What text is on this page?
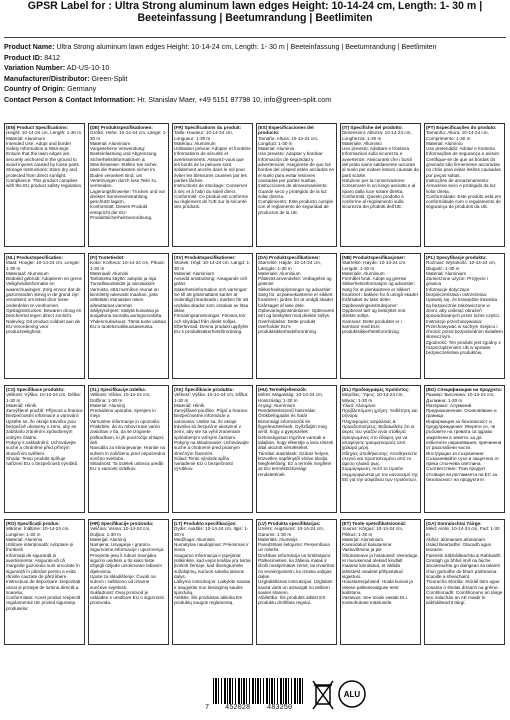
GPSR Label for : Ultra Strong aluminum lawn edges Height: 10-14-24 cm, Length: 1- 30 m | Beeteinfassung | Beetumrandung | Beetlimiten
Product Name: Ultra Strong aluminum lawn edges Height: 10-14-24 cm, Length: 1- 30 m | Beeteinfassung | Beetumrandung | Beetlimiten
Product ID: 8412
Variation Number: AD-US-10-10
Manufacturer/Distributor: Green-Split
Country of Origin: Germany
Contact Person & Contact Information: Hr. Stanislav Maer, +49 5151 87798 10, info@green-split.com
(EN) Product Specifications:
Height: 10-14-24 cm, Length: 1-30 m
Material: Aluminum
Intended Use: Adopt and border
Safety Information & Warnings: Ensure that the lawn edges are securely anchored in the ground to avoid injuries caused by loose parts.
Storage Instructions: Store dry and protected from direct sunlight.
Compliance: This product complies with the EU product safety regulation.
(DE) Produktspezifikationen:
Größe: Höhe: 10-14-24 cm, Länge: 1-30 m
Material: Aluminium
Vorgesehene Verwendung: Beeteinfassung und Abgrenzung
Sicherheitsinformationen & Warnhinweise: Stellen Sie sicher, dass die Rasenkanten sicher im Boden verankert sind, um Verletzungen durch lose Teile zu vermeiden.
Lagerungshinweise: Trocken und vor direkter Sonneneinstrahlung geschützt lagern.
Konformität: Dieses Produkt entspricht der EU-Produktsicherheitsverordnung.
(FR) Spécifications du produit:
Taille: Hauteur: 10-14-24 cm, Longueur: 1-30 m
Matériau: Aluminium
Utilisation prévue: Adopter et frontière
Informations de sécurité et avertissements: Assurez-vous que les bords de la pelouse sont solidement ancrés dans le sol pour éviter les blessures causées par les parties lâches.
Instructions de stockage: Conserver à sec et à l'abri du soleil direct.
Conformité: Ce produit est conforme au règlement de l'UE sur la sécurité des produits.
(ES) Especificaciones del producto:
Tamaño: Altura: 10-14-24 cm, Longitud: 1-30 m
Material: Aluminio
Uso previsto: Adoptar y bordear
Información de seguridad y advertencias: Asegúrese de que los bordes del césped estén anclados en el suelo para evitar lesiones causadas por partes sueltas.
Instrucciones de almacenamiento: Guarde seco y protegido de la luz solar directa.
Cumplimiento: Este producto cumple con el reglamento de seguridad de productos de la UE.
(IT) Specifiche del prodotto:
Dimensioni: Altezza: 10-14-24 cm, Lunghezza: 1-30 m
Materiale: Alluminio
Uso previsto: Adottare e frontiera
Informazioni sulla sicurezza e avvertenze: Assicurarsi che i bordi del prato siano saldamente ancorati al suolo per evitare lesioni causate da parti sciolte.
Istruzioni per la conservazione: Conservare in un luogo asciutto e al riparo dalla luce solare diretta.
Conformità: Questo prodotto è conforme al regolamento sulla sicurezza dei prodotti dell'UE.
(PT) Especificações do produto:
Tamanho: Altura: 10-14-24 cm, Comprimento: 1-30 m
Material: Alumínio
Uso pretendido: Adotar e fronteira
Informações de segurança e avisos: Certifique-se de que as bordas do gramado são firmemente ancoradas no chão para evitar lesões causadas por peças soltas.
Instruções de armazenamento: Armazene seco e protegido da luz solar direta.
Conformidade: Este produto está em conformidade com o regulamento de segurança de produtos da UE.
(NL) Productspecificaties:
Maat: Hoogte: 10-14-24 cm, Lengte: 1-30 m
Materiaal: Aluminium
Bedoeld gebruik: Adopteren en grens
Veiligheidsinformatie en waarschuwingen: Zorg ervoor dat de gazonranden stevig in de grond zijn verankerd om letsel door losse onderdelen te voorkomen.
Opslaginstructies: Bewaren droog en beschermd tegen direct zonlicht.
Naleving: Dit product voldoet aan de EU-verordening voor productveiligheid.
(FI) Tuotetiedot:
Koko: Korkeus: 10-14-24 cm, Pituus: 1-30 m
Materiaali: Alumiini
Tarkoitettu käyttö: adoptio ja raja
Turvallisuustiedot ja varoitukset: Varmista, että nurmikon reunat on kiinnitetty tukevasti maahan, jotta vältetään irtonaisten osien aiheuttamat vammat.
Säilytysohjeet: Säilytä kuivassa ja suojattuna suoralta auringonvalolta.
Yhdenmukaisuus: Tämä tuote vastaa EU:n tuoteturvallisuusasetusta.
(SV) Produktspecifikationer:
Storlek: Höjd: 10-14-24 cm, Längd: 1-30 m
Material: Aluminium
Avsedd användning: Antagande och gräns
Säkerhetsinformation och varningar: Se till att gräsmattans kanter är ordentligt förankrade i marken för att undvika skador som orsakas av lösa delar.
Förvaringsanvisningar: Förvara torr och skyddad från direkt solljus.
Efterlevnad: Denna produkt uppfyller EU:s produktsäkerhetsförordning.
(DA) Produktspecifikationer:
Størrelse: Højde: 10-14-24 cm, Længde: 1-30 m
Materiale: Aluminium
Påtænkt anvendelse: Vedtagelse og grænse
Sikkerhedsoplysninger og advarsler: Sørg for, at plænekanterne er sikkert forankret i jorden for at undgå skader forårsaget af løse dele.
Opbevaringsinstruktioner: Opbevares tørt og beskyttet mod direkte sollys.
Overholdelse: Dette produkt overholder EU's produktsikkerhedsforordning.
(NB) Produktspesifikasjoner:
Størrelse: Høyde: 10-14-24 cm, Lengde: 1-30 m
Materiale: Aluminium
Formålet bruk: Adopt og grense
Sikkerhetsinformasjon og advarsler: Sørg for at plenkantene er sikkert forankret i bakken for å unngå skader forårsaket av løse deler.
Oppbevaringsinstruksjoner: Oppbevar tørt og beskyttet mot direkte sollys.
Samsvar: Dette produktet er i samsvar med EUs produktsikkerhetsforordning.
(PL) Specyfikacje produktu:
Rozmiar: Wysokość: 10-14-24 cm, Długość: 1-30 m
Materiał: Aluminium
Zamierzone użycie: Przyjęcie i granica
Informacje dotyczące bezpieczeństwa i ostrzeżenia: Upewnij się, że krawędzie trawnika są bezpiecznie zakotwiczone w ziemi, aby uniknąć obrażeń spowodowanych przez luźne części.
Instrukcje przechowywania: Przechowywać w suchym miejscu i chronić przed bezpośrednim światłem słonecznym.
Zgodność: Ten produkt jest zgodny z rozporządzeniem UE w sprawie bezpieczeństwa produktów.
(CS) Specifikace produktu:
Velikost: Výška: 10-14-24 cm, Délka: 1-30 m
Materiál: Hliník
Zamýšlené použití: Přijmout a hranice
Bezpečnostní informace a varování: Ujistěte se, že okraje trávníku jsou bezpečně ukotveny v zemi, aby se zabránilo zraněním způsobeným volnými částmi.
Pokyny k uskladnění: Uchovávejte suché a chráněné před přímým slunečním světlem.
Shoda: Tento produkt splňuje nařízení EU o bezpečnosti výrobků.
(SL) Specifikacije izdelka:
Velikost: Višina: 10-14-24 cm, Dolžina: 1-30 m
Material: Aluminij
Predvidena uporaba: Sprejem in meja
Varnostne informacije in opozorila: Poskrbite, da so robovi trate varno zasidrani v tla, da se izognete poškodbam, ki jih povzročijo ohlapni deli.
Navodila za shranjevanje: Hranite na suhem in zaščiteno pred neposredno sončno svetlobo.
Skladnost: Ta izdelek ustreza uredbi EU o varnosti izdelkov.
(SK) Špecifikácie produktu:
Veľkosť: Výška: 10-14-24 cm, Dĺžka: 1-30 m
Materiál: Hliník
Zamýšľané použitie: Prijať a hranice
Bezpečnostné informácie a varovania: Uistite sa, že okraje trávnika sú bezpečne ukotvené v zemi, aby ste sa vyhli zraneniam spôsobeným voľnými časťami.
Pokyny na skladovanie: Uchovávajte suché a chránené pred priamym slnečným žiarením.
Súlad: Tento výrobok spĺňa nariadenie EÚ o bezpečnosti výrobkov.
(HU) Termékjellemzők:
Méret: Magasság: 10-14-24 cm, Hosszúság: 1-30 m
Anyag: Alumínium
Rendeltetésszerű használat: Örökbefogadás és határ
Biztonsági információk és figyelmeztetések: Győződjön meg arról, hogy a gyepszélek biztonságosan rögzítve vannak a talajban, hogy elkerülje a laza részek által okozott sérüléseket.
Tárolási utasítások: Száraz helyen, közvetlen napfénytől védve tárolja.
Megfelelőség: Ez a termék megfelel az EU termékbiztonsági rendeletének.
(EL) Προδιαγραφές προϊόντος:
Μέγεθος: Ύψος: 10-14-24 cm, Μήκος: 1-30 m
Υλικό: Αλουμίνιο
Προβλεπόμενη χρήση: Υιοθέτηση και σύνορα
Πληροφορίες ασφάλειας & προειδοποιήσεις: Βεβαιωθείτε ότι οι άκρες του γκαζόν είναι σταθερά αγκυρωμένες στο έδαφος για να αποφύγετε τραυματισμούς από χαλαρά μέρη.
Οδηγίες αποθήκευσης: Αποθηκεύστε στεγνό και προστατευμένο από το άμεσο ηλιακό φως.
Συμμόρφωση: Αυτό το προϊόν συμμορφώνεται με τον κανονισμό της ΕΕ για την ασφάλεια των προϊόντων.
(BG) Спецификации на продукта:
Размер: Височина: 10-14-24 cm, Дължина: 1-30 m
Материал: Алуминий
Предназначение: Осиновяване и граница
Информация за безопасност и предупреждения: Уверете се, че ръбовете на тревата са здраво закрепени в земята, за да избегнете наранявания, причинени от разхлабени части.
Инструкции за съхранение: Съхранявайте сухо и защитено от пряка слънчева светлина.
Съответствие: Този продукт отговаря на регламента на ЕС за безопасност на продуктите.
(RO) Specificații produs:
Mărime: Înălțime: 10-14-24 cm, Lungime: 1-30 m
Material: Aluminiu
Utilizare intenționată: Adoptare și frontieră
Informații de siguranță și avertismente: Asigurați-vă că marginile gazonului sunt ancorate în siguranță în pământ pentru a evita rănirile cauzate de părți libere.
Instrucțiuni de depozitare: Depozitați uscat și protejat de lumina directă a soarelui.
Conformitate: Acest produs respectă regulamentul UE privind siguranța produselor.
(HR) Specifikacije proizvoda:
Veličina: Visina: 10-14-24 cm, Duljina: 1-30 m
Materijal: Aluminij
Namjena: Usvajanje i granica
Sigurnosne informacije i upozorenja: Provjerite jesu li rubovi travnjaka sigurno usidreni u tlo kako biste izbjegli ozljede uzrokovane labavim dijelovima.
Upute za skladištenje: Čuvati na suhom i zaštićeno od izravne sunčeve svjetlosti.
Sukladnost: Ovaj proizvod je usklađen s uredbom EU o sigurnosti proizvoda.
(LT) Produkto specifikacijos:
Dydis: Aukštis: 10-14-24 cm, Ilgis: 1-30 m
Medžiaga: Aliuminis
Numatytas naudojimas: Priėmimas ir siena
Saugumo informacija ir įspėjimai: Įsitikinkite, kad vejos kraštai yra tvirtai įtvirtinti žemėje, kad išvengtumėte sužalojimų, kuriuos sukelia laisvos dalys.
Laikymo instrukcijos: Laikykite sausai ir saugokite nuo tiesioginių saulės spindulių.
Atitiktis: Šis produktas atitinka ES produktų saugos reglamentą.
(LV) Produkta specifikācijas:
Izmērs: Augstums: 10-14-24 cm, Garums: 1-30 m
Materiāls: Alumīnijs
Paredzētais lietojums: Pieņemšana un robeža
Drošības informācija un brīdinājumi: Pārliecinieties, ka zāliena malas ir droši nostiprinātas zemē, lai izvairītos no ievainojumiem, ko izraisa vaļīgas daļas.
Uzglabāšanas instrukcijas: Uzglabāt sausā vietā un aizsargāt no tiešiem saules stariem.
Atbilstība: Šis produkts atbilst ES produktu drošības regulai.
(ET) Toote spetsifikatsioonid:
Suurus: Kõrgus: 10-14-24 cm, Pikkus: 1-30 m
Materjal: Alumiinium
Kavandatud kasutamine: Vastuvõtmine ja piir
Ohutusteave ja hoiatused: Veenduge, et muruservad oleksid kindlalt maasse kinnitatud, et vältida lahtistest osadest põhjustatud vigastusi.
Hoiustamisjuhised: Hoida kuivas ja otsese päikesevalguse eest kaitstuna.
Vastavus: See toode vastab ELi tooteohutuse määrusele.
(GA) Sonraíochtaí Táirge:
Méid: Airde: 10-14-24 cm, Fad: 1-30 m
Ábhar: alúmanam alúmanam
Úsáid Beartaithe: Glacadh agus teorainn
Faisnéis Sábháilteachta & Rabhaidh: Cinntigh go bhfuil imill na faiche ancaireachta go daingean sa talamh chun gortuithe de bharr páirteanna scaoilte a sheachaint.
Treoracha Stórála: Stóráil tirim agus cosanta ó sholas díreach na gréine.
Comhlíonadh: Comhlíonann an táirge seo rialachán an AE maidir le sábháilteacht táirgí.
7 452028 483250
ALU
